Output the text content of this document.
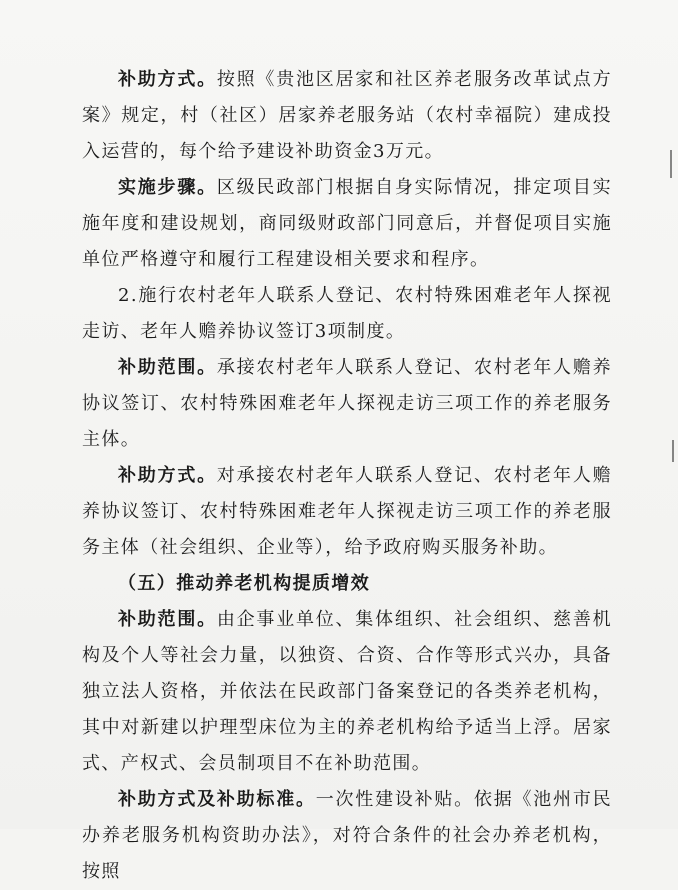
补助方式。按照《贵池区居家和社区养老服务改革试点方案》规定，村（社区）居家养老服务站（农村幸福院）建成投入运营的，每个给予建设补助资金3万元。

实施步骤。区级民政部门根据自身实际情况，排定项目实施年度和建设规划，商同级财政部门同意后，并督促项目实施单位严格遵守和履行工程建设相关要求和程序。

2.施行农村老年人联系人登记、农村特殊困难老年人探视走访、老年人赡养协议签订3项制度。

补助范围。承接农村老年人联系人登记、农村老年人赡养协议签订、农村特殊困难老年人探视走访三项工作的养老服务主体。

补助方式。对承接农村老年人联系人登记、农村老年人赡养协议签订、农村特殊困难老年人探视走访三项工作的养老服务主体（社会组织、企业等），给予政府购买服务补助。

（五）推动养老机构提质增效

补助范围。由企事业单位、集体组织、社会组织、慈善机构及个人等社会力量，以独资、合资、合作等形式兴办，具备独立法人资格，并依法在民政部门备案登记的各类养老机构，其中对新建以护理型床位为主的养老机构给予适当上浮。居家式、产权式、会员制项目不在补助范围。

补助方式及补助标准。一次性建设补贴。依据《池州市民办养老服务机构资助办法》，对符合条件的社会办养老机构，按照
